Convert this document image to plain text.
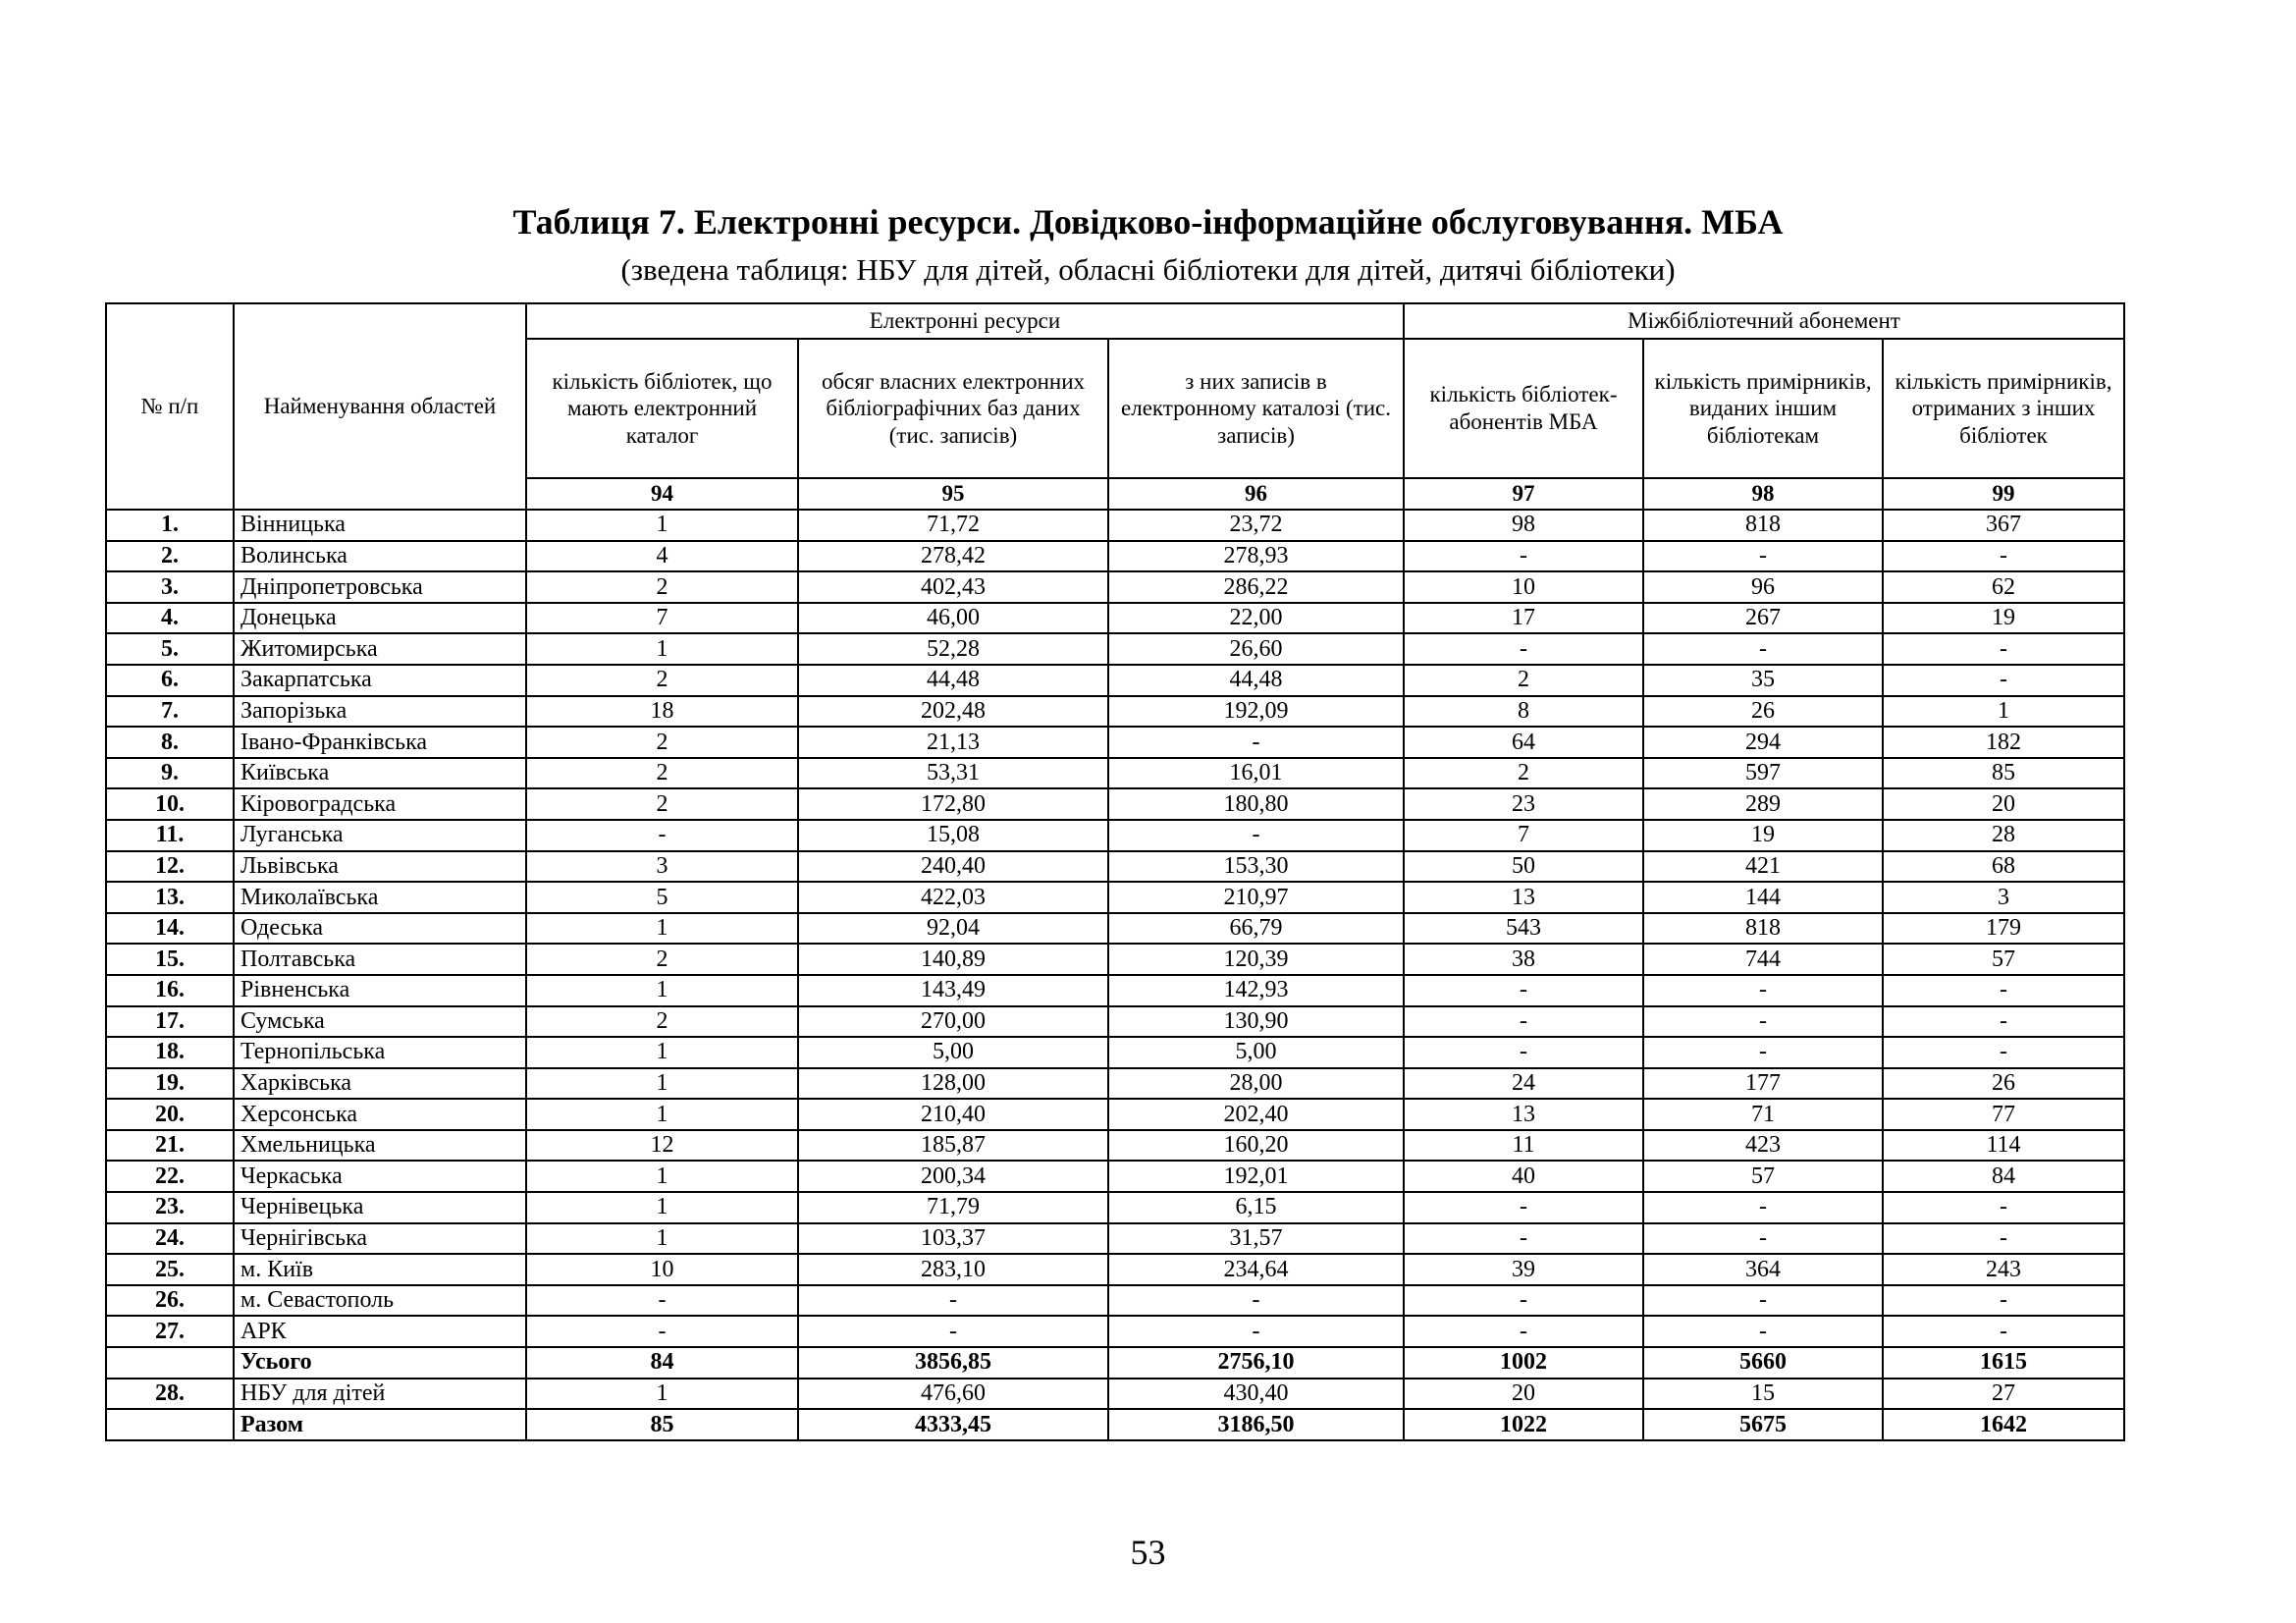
Таблиця 7. Електронні ресурси. Довідково-інформаційне обслуговування. МБА
(зведена таблиця: НБУ для дітей, обласні бібліотеки для дітей, дитячі бібліотеки)
№ п/п	Найменування областей	Електронні ресурси			Міжбібліотечний абонемент		
		кількість бібліотек, що мають електронний каталог	обсяг власних електронних бібліографічних баз даних (тис. записів)	з них записів в електронному каталозі (тис. записів)	кількість бібліотек-абонентів МБА	кількість примірників, виданих іншим бібліотекам	кількість примірників, отриманих з інших бібліотек
		94	95	96	97	98	99
1.	Вінницька	1	71,72	23,72	98	818	367
2.	Волинська	4	278,42	278,93	-	-	-
3.	Дніпропетровська	2	402,43	286,22	10	96	62
4.	Донецька	7	46,00	22,00	17	267	19
5.	Житомирська	1	52,28	26,60	-	-	-
6.	Закарпатська	2	44,48	44,48	2	35	-
7.	Запорізька	18	202,48	192,09	8	26	1
8.	Івано-Франківська	2	21,13	-	64	294	182
9.	Київська	2	53,31	16,01	2	597	85
10.	Кіровоградська	2	172,80	180,80	23	289	20
11.	Луганська	-	15,08	-	7	19	28
12.	Львівська	3	240,40	153,30	50	421	68
13.	Миколаївська	5	422,03	210,97	13	144	3
14.	Одеська	1	92,04	66,79	543	818	179
15.	Полтавська	2	140,89	120,39	38	744	57
16.	Рівненська	1	143,49	142,93	-	-	-
17.	Сумська	2	270,00	130,90	-	-	-
18.	Тернопільська	1	5,00	5,00	-	-	-
19.	Харківська	1	128,00	28,00	24	177	26
20.	Херсонська	1	210,40	202,40	13	71	77
21.	Хмельницька	12	185,87	160,20	11	423	114
22.	Черкаська	1	200,34	192,01	40	57	84
23.	Чернівецька	1	71,79	6,15	-	-	-
24.	Чернігівська	1	103,37	31,57	-	-	-
25.	м. Київ	10	283,10	234,64	39	364	243
26.	м. Севастополь	-	-	-	-	-	-
27.	АРК	-	-	-	-	-	-
	Усього	84	3856,85	2756,10	1002	5660	1615
28.	НБУ для дітей	1	476,60	430,40	20	15	27
	Разом	85	4333,45	3186,50	1022	5675	1642
53
